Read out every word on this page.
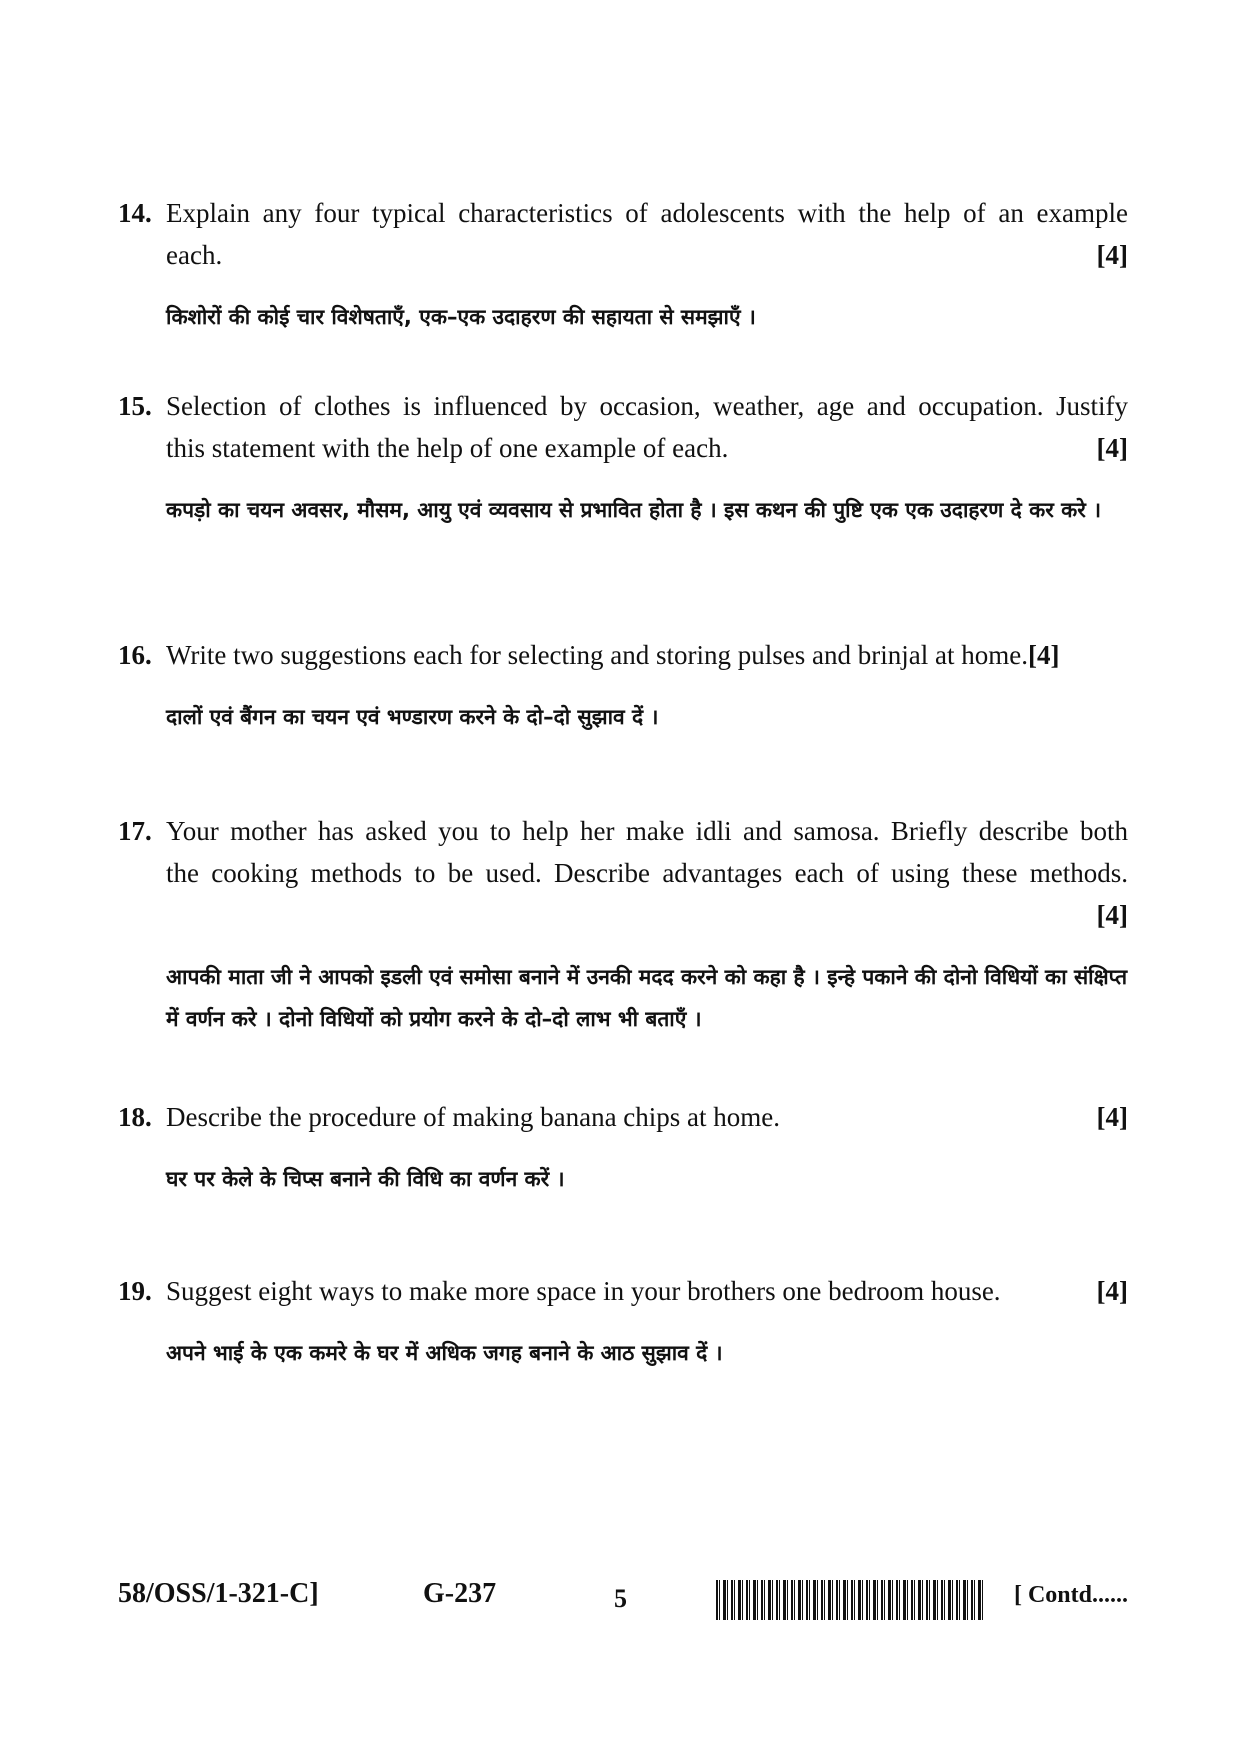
14. Explain any four typical characteristics of adolescents with the help of an example
each.	[4]
किशोरों की कोई चार विशेषताएँ, एक–एक उदाहरण की सहायता से समझाएँ ।
15. Selection of clothes is influenced by occasion, weather, age and occupation. Justify
this statement with the help of one example of each.	[4]
कपड़ो का चयन अवसर, मौसम, आयु एवं व्यवसाय से प्रभावित होता है । इस कथन की पुष्टि एक एक उदाहरण दे कर करे ।
16. Write two suggestions each for selecting and storing pulses and brinjal at home.[4]
दालों एवं बैंगन का चयन एवं भण्डारण करने के दो–दो सुझाव दें ।
17. Your mother has asked you to help her make idli and samosa. Briefly describe both
the cooking methods to be used. Describe advantages each of using these methods.
[4]
आपकी माता जी ने आपको इडली एवं समोसा बनाने में उनकी मदद करने को कहा है । इन्हे पकाने की दोनो विधियों का संक्षिप्त में वर्णन करे । दोनो विधियों को प्रयोग करने के दो–दो लाभ भी बताएँ ।
18. Describe the procedure of making banana chips at home.	[4]
घर पर केले के चिप्स बनाने की विधि का वर्णन करें ।
19. Suggest eight ways to make more space in your brothers one bedroom house.	[4]
अपने भाई के एक कमरे के घर में अधिक जगह बनाने के आठ सुझाव दें ।
58/OSS/1-321-C]	G-237	5	[ Contd......
